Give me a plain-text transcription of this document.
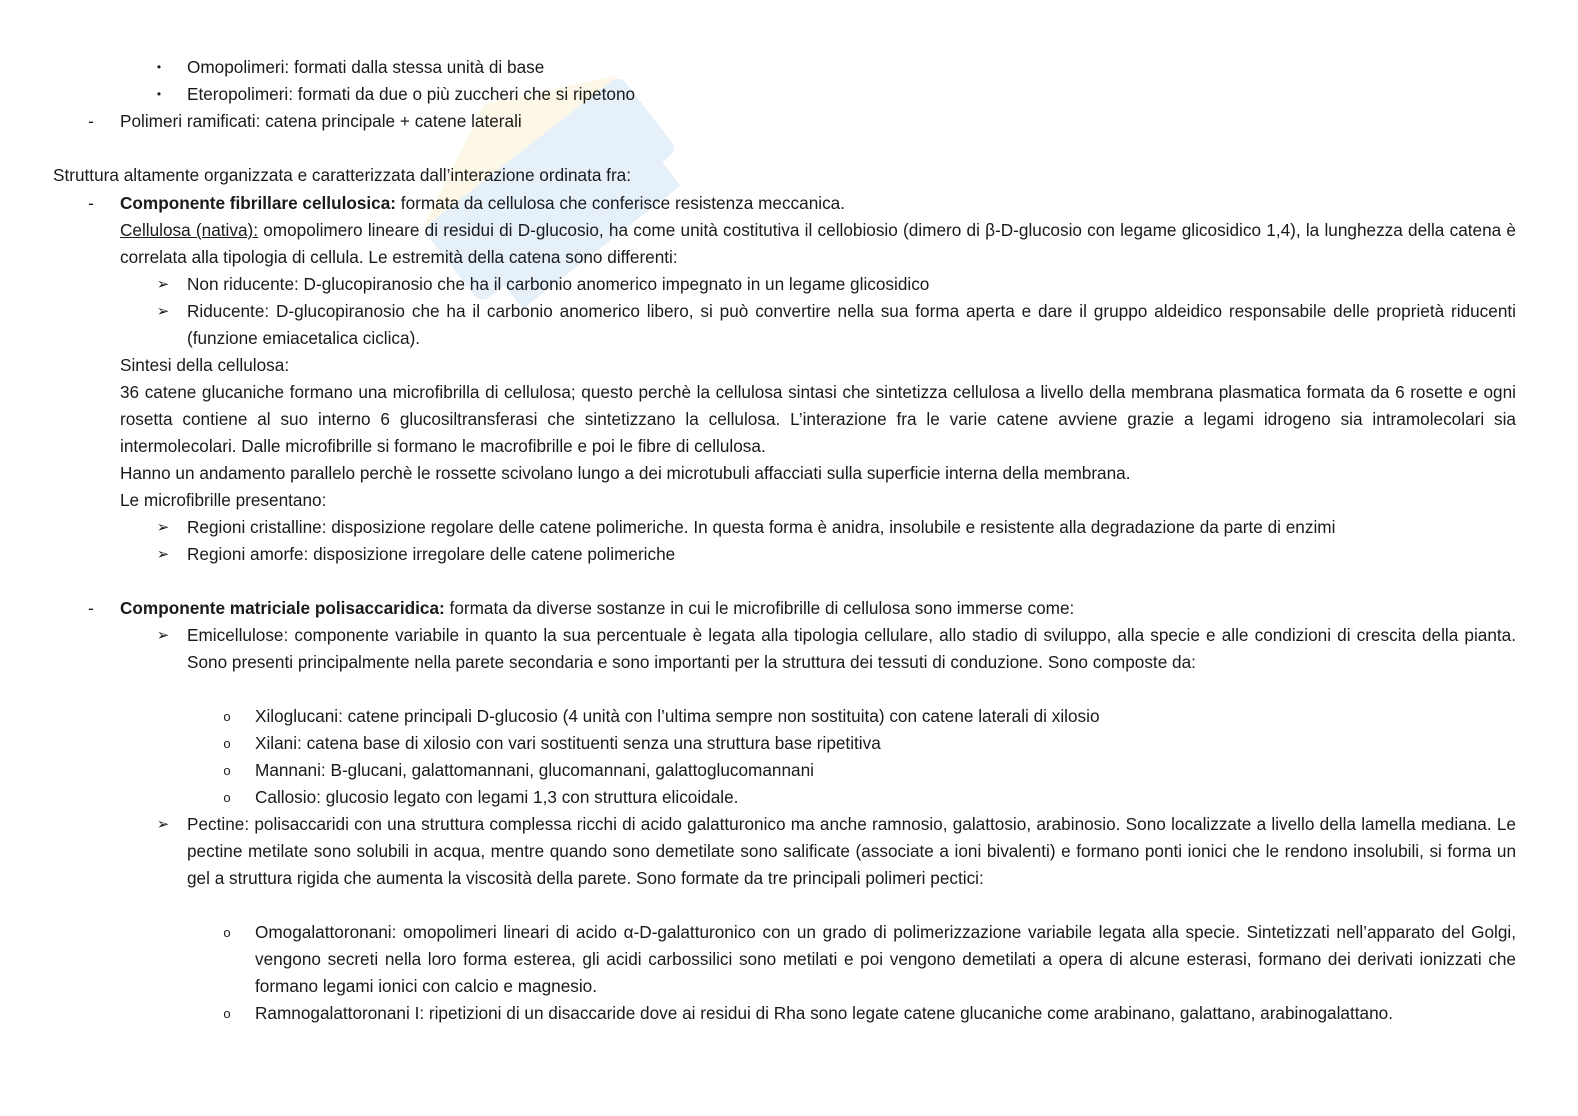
•	Omopolimeri: formati dalla stessa unità di base
•	Eteropolimeri: formati da due o più zuccheri che si ripetono
-	Polimeri ramificati: catena principale + catene laterali
Struttura altamente organizzata e caratterizzata dall’interazione ordinata fra:
-	Componente fibrillare cellulosica: formata da cellulosa che conferisce resistenza meccanica.
Cellulosa (nativa): omopolimero lineare di residui di D-glucosio, ha come unità costitutiva il cellobiosio (dimero di β-D-glucosio con legame glicosidico 1,4), la lunghezza della catena è correlata alla tipologia di cellula. Le estremità della catena sono differenti:
➢ Non riducente: D-glucopiranosio che ha il carbonio anomerico impegnato in un legame glicosidico
➢ Riducente: D-glucopiranosio che ha il carbonio anomerico libero, si può convertire nella sua forma aperta e dare il gruppo aldeidico responsabile delle proprietà riducenti (funzione emiacetalica ciclica).
Sintesi della cellulosa:
36 catene glucaniche formano una microfibrilla di cellulosa; questo perchè la cellulosa sintasi che sintetizza cellulosa a livello della membrana plasmatica formata da 6 rosette e ogni rosetta contiene al suo interno 6 glucosiltransferasi che sintetizzano la cellulosa. L’interazione fra le varie catene avviene grazie a legami idrogeno sia intramolecolari sia intermolecolari. Dalle microfibrille si formano le macrofibrille e poi le fibre di cellulosa.
Hanno un andamento parallelo perchè le rossette scivolano lungo a dei microtubuli affacciati sulla superficie interna della membrana.
Le microfibrille presentano:
➢ Regioni cristalline: disposizione regolare delle catene polimeriche. In questa forma è anidra, insolubile e resistente alla degradazione da parte di enzimi
➢ Regioni amorfe: disposizione irregolare delle catene polimeriche
-	Componente matriciale polisaccaridica: formata da diverse sostanze in cui le microfibrille di cellulosa sono immerse come:
➢ Emicellulose: componente variabile in quanto la sua percentuale è legata alla tipologia cellulare, allo stadio di sviluppo, alla specie e alle condizioni di crescita della pianta. Sono presenti principalmente nella parete secondaria e sono importanti per la struttura dei tessuti di conduzione. Sono composte da:
o	Xiloglucani: catene principali D-glucosio (4 unità con l’ultima sempre non sostituita) con catene laterali di xilosio
o	Xilani: catena base di xilosio con vari sostituenti senza una struttura base ripetitiva
o	Mannani: B-glucani, galattomannani, glucomannani, galattoglucomannani
o	Callosio: glucosio legato con legami 1,3 con struttura elicoidale.
➢ Pectine: polisaccaridi con una struttura complessa ricchi di acido galatturonico ma anche ramnosio, galattosio, arabinosio. Sono localizzate a livello della lamella mediana. Le pectine metilate sono solubili in acqua, mentre quando sono demetilate sono salificate (associate a ioni bivalenti) e formano ponti ionici che le rendono insolubili, si forma un gel a struttura rigida che aumenta la viscosità della parete. Sono formate da tre principali polimeri pectici:
o	Omogalattoronani: omopolimeri lineari di acido α-D-galatturonico con un grado di polimerizzazione variabile legata alla specie. Sintetizzati nell’apparato del Golgi, vengono secreti nella loro forma esterea, gli acidi carbossilici sono metilati e poi vengono demetilati a opera di alcune esterasi, formano dei derivati ionizzati che formano legami ionici con calcio e magnesio.
o	Ramnogalattoronani I: ripetizioni di un disaccaride dove ai residui di Rha sono legate catene glucaniche come arabinano, galattano, arabinogalattano.
